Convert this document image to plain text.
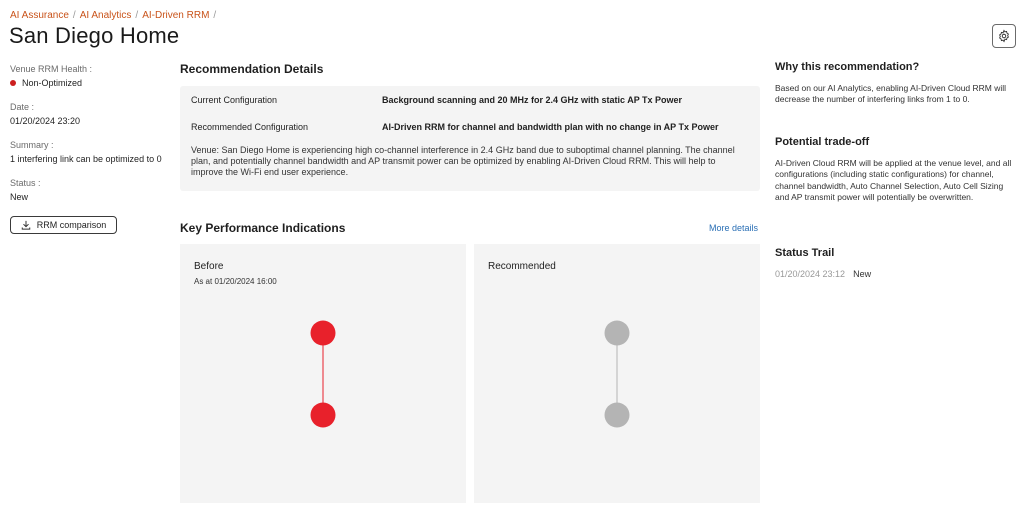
AI Assurance / AI Analytics / AI-Driven RRM /
San Diego Home
Venue RRM Health :
Non-Optimized
Date :
01/20/2024 23:20
Summary :
1 interfering link can be optimized to 0
Status :
New
RRM comparison
Recommendation Details
Current Configuration	Background scanning and 20 MHz for 2.4 GHz with static AP Tx Power
Recommended Configuration	AI-Driven RRM for channel and bandwidth plan with no change in AP Tx Power
Venue: San Diego Home is experiencing high co-channel interference in 2.4 GHz band due to suboptimal channel planning. The channel plan, and potentially channel bandwidth and AP transmit power can be optimized by enabling AI-Driven Cloud RRM. This will help to improve the Wi-Fi end user experience.
Key Performance Indications	More details
Before
As at 01/20/2024 16:00
Recommended
Why this recommendation?
Based on our AI Analytics, enabling AI-Driven Cloud RRM will decrease the number of interfering links from 1 to 0.
Potential trade-off
AI-Driven Cloud RRM will be applied at the venue level, and all configurations (including static configurations) for channel, channel bandwidth, Auto Channel Selection, Auto Cell Sizing and AP transmit power will potentially be overwritten.
Status Trail
01/20/2024 23:12 New
